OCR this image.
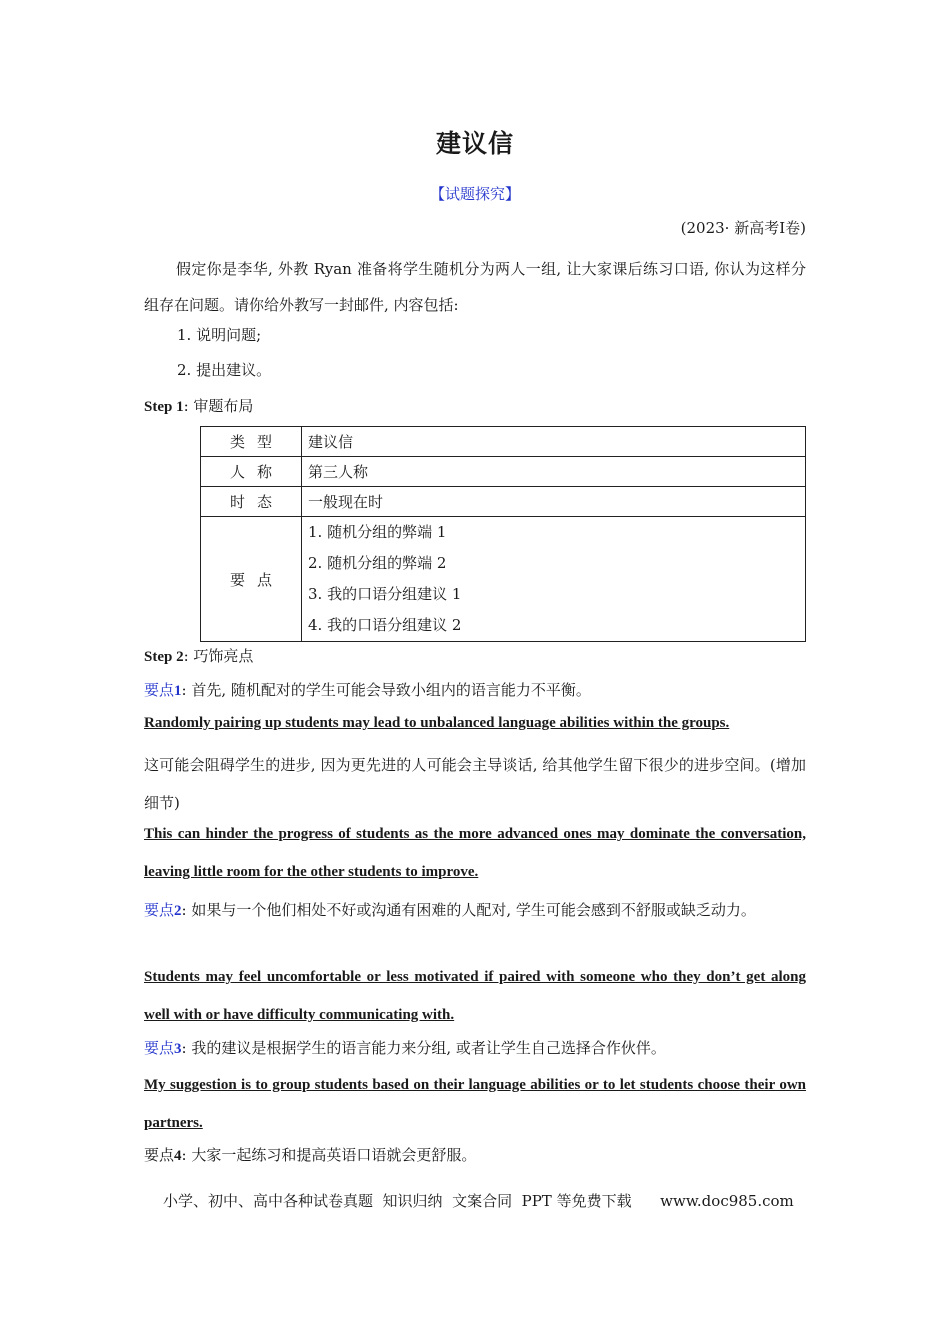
建议信
【试题探究】
(2023· 新高考Ⅰ卷)
假定你是李华, 外教 Ryan 准备将学生随机分为两人一组, 让大家课后练习口语, 你认为这样分组存在问题。请你给外教写一封邮件, 内容包括:
1. 说明问题;
2. 提出建议。
Step 1: 审题布局
类型	建议信
人称	第三人称
时态	一般现在时
要点	1. 随机分组的弊端 1
2. 随机分组的弊端 2
3. 我的口语分组建议 1
4. 我的口语分组建议 2
Step 2: 巧饰亮点
要点1: 首先, 随机配对的学生可能会导致小组内的语言能力不平衡。
Randomly pairing up students may lead to unbalanced language abilities within the groups.
这可能会阻碍学生的进步, 因为更先进的人可能会主导谈话, 给其他学生留下很少的进步空间。(增加细节)
This can hinder the progress of students as the more advanced ones may dominate the conversation, leaving little room for the other students to improve.
要点2: 如果与一个他们相处不好或沟通有困难的人配对, 学生可能会感到不舒服或缺乏动力。
Students may feel uncomfortable or less motivated if paired with someone who they don’t get along well with or have difficulty communicating with.
要点3: 我的建议是根据学生的语言能力来分组, 或者让学生自己选择合作伙伴。
My suggestion is to group students based on their language abilities or to let students choose their own partners.
要点4: 大家一起练习和提高英语口语就会更舒服。
小学、初中、高中各种试卷真题  知识归纳  文案合同  PPT 等免费下载      www.doc985.com
